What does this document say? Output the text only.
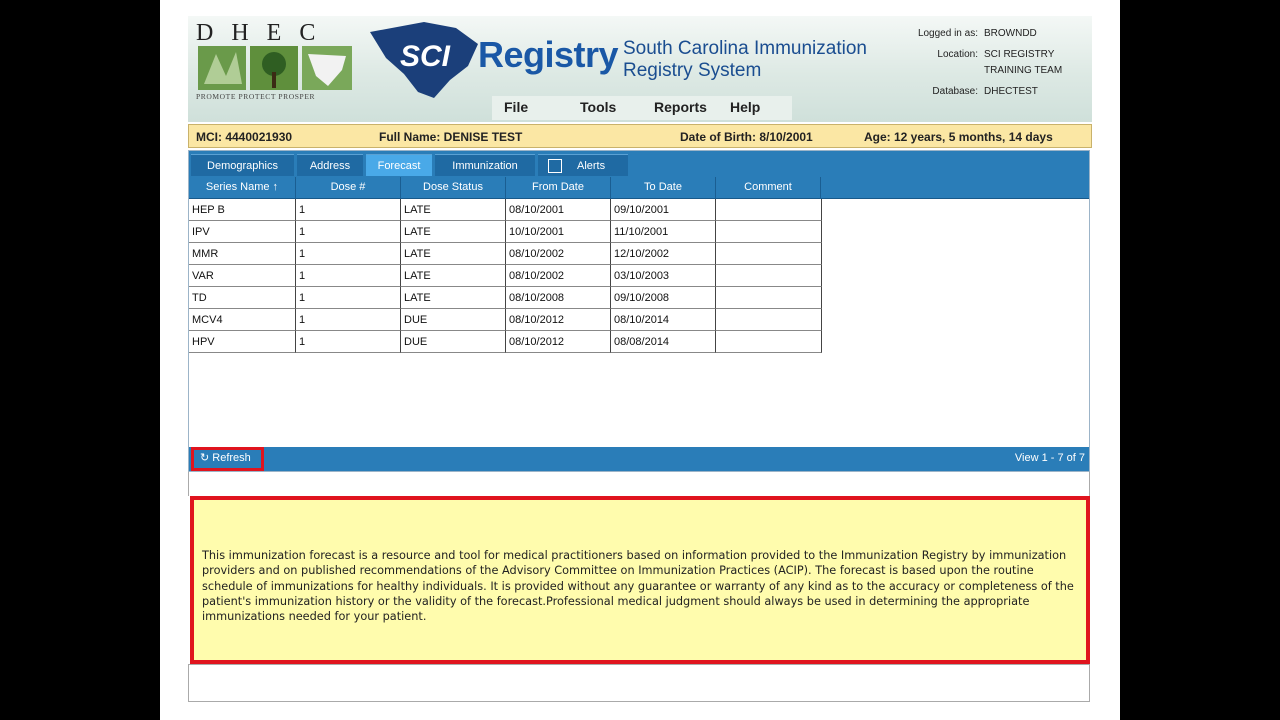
DHEC
PROMOTE PROTECT PROSPER
SCI Registry South Carolina Immunization
Registry System
Logged in as: BROWNDD
Location: SCI REGISTRY
TRAINING TEAM
Database: DHECTEST
File	Tools	Reports Help
MCI: 4440021930	Full Name: DENISE TEST	Date of Birth: 8/10/2001	Age: 12 years, 5 months, 14 days
Demographics	Address	Forecast	Immunization	Alerts
Series Name ↑	Dose #	Dose Status	From Date	To Date	Comment
HEP B	1	LATE	08/10/2001	09/10/2001
IPV	1	LATE	10/10/2001	11/10/2001
MMR	1	LATE	08/10/2002	12/10/2002
VAR	1	LATE	08/10/2002	03/10/2003
TD	1	LATE	08/10/2008	09/10/2008
MCV4	1	DUE	08/10/2012	08/10/2014
HPV	1	DUE	08/10/2012	08/08/2014
↻ Refresh	View 1 - 7 of 7
This immunization forecast is a resource and tool for medical practitioners based on information provided to the Immunization Registry by immunization providers and on published recommendations of the Advisory Committee on Immunization Practices (ACIP). The forecast is based upon the routine schedule of immunizations for healthy individuals. It is provided without any guarantee or warranty of any kind as to the accuracy or completeness of the patient's immunization history or the validity of the forecast.Professional medical judgment should always be used in determining the appropriate immunizations needed for your patient.
